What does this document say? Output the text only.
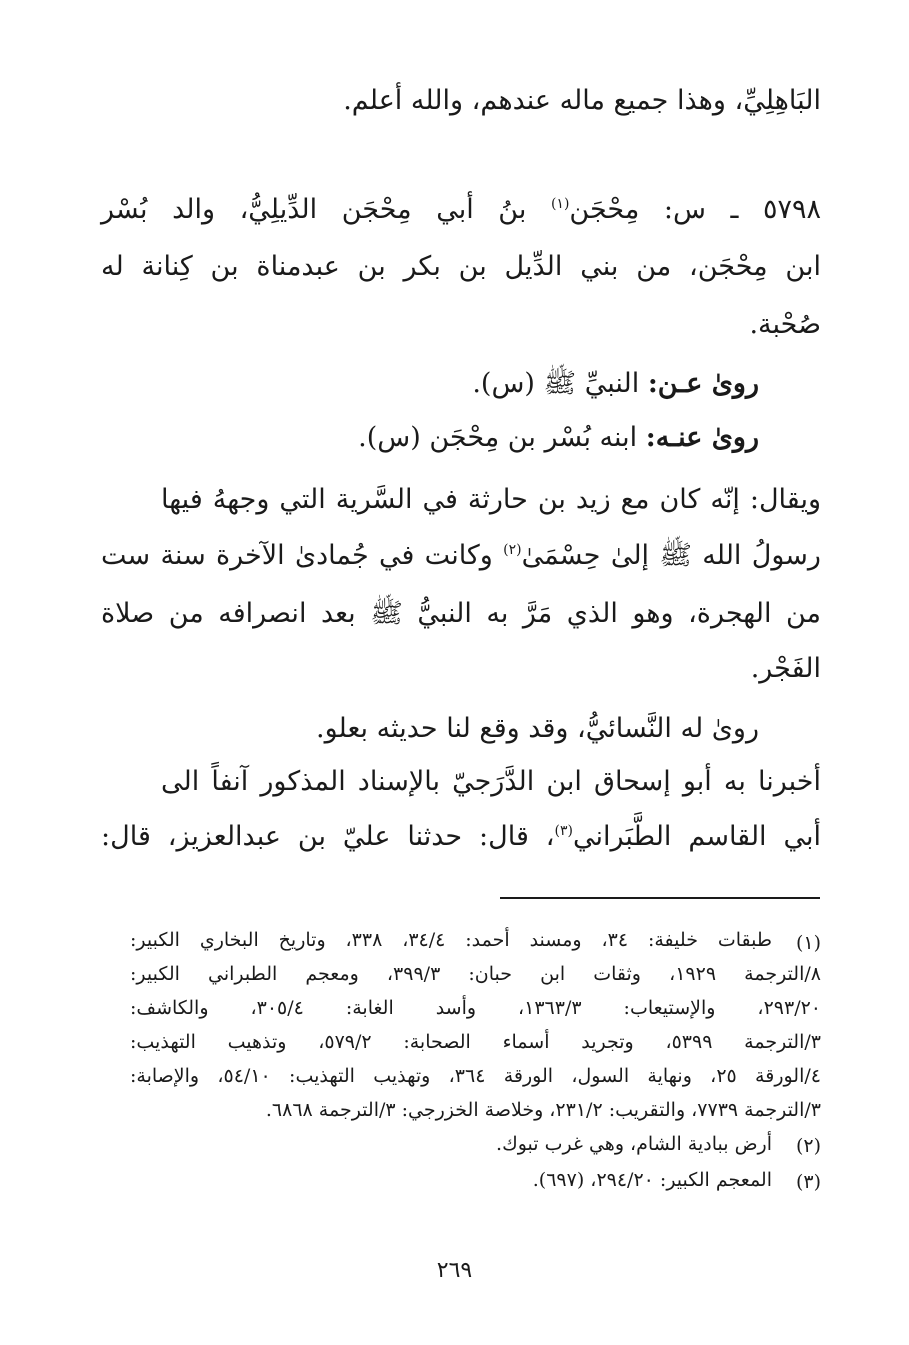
البَاهِلِيِّ، وهذا جميع ماله عندهم، والله أعلم.
٥٧٩٨ ـ س: مِحْجَن$^{(١)}$ بنُ أبي مِحْجَن الدِّيلِيُّ، والد بُسْر
ابن مِحْجَن، من بني الدِّيل بن بكر بن عبدمناة بن كِنانة له
صُحْبة.
روىٰ عـن: النبيِّ ﷺ (س).
روىٰ عنـه: ابنه بُسْر بن مِحْجَن (س).
ويقال: إنّه كان مع زيد بن حارثة في السَّرية التي وجههُ فيها
رسولُ الله ﷺ إلىٰ حِسْمَىٰ$^{(٢)}$ وكانت في جُمادىٰ الآخرة سنة ست
من الهجرة، وهو الذي مَرَّ به النبيُّ ﷺ بعد انصرافه من صلاة
الفَجْر.
روىٰ له النَّسائيُّ، وقد وقع لنا حديثه بعلو.
أخبرنا به أبو إسحاق ابن الدَّرَجيّ بالإسناد المذكور آنفاً الى
أبي القاسم الطَّبَراني$^{(٣)}$، قال: حدثنا عليّ بن عبدالعزيز، قال:
(١)
طبقات خليفة: ٣٤، ومسند أحمد: ٣٤/٤، ٣٣٨، وتاريخ البخاري الكبير:
٨/الترجمة ١٩٢٩، وثقات ابن حبان: ٣٩٩/٣، ومعجم الطبراني الكبير:
٢٩٣/٢٠، والإستيعاب: ١٣٦٣/٣، وأسد الغابة: ٣٠٥/٤، والكاشف:
٣/الترجمة ٥٣٩٩، وتجريد أسماء الصحابة: ٥٧٩/٢، وتذهيب التهذيب:
٤/الورقة ٢٥، ونهاية السول، الورقة ٣٦٤، وتهذيب التهذيب: ٥٤/١٠، والإصابة:
٣/الترجمة ٧٧٣٩، والتقريب: ٢٣١/٢، وخلاصة الخزرجي: ٣/الترجمة ٦٨٦٨.
(٢)
أرض ببادية الشام، وهي غرب تبوك.
(٣)
المعجم الكبير: ٢٩٤/٢٠، (٦٩٧).
٢٦٩
